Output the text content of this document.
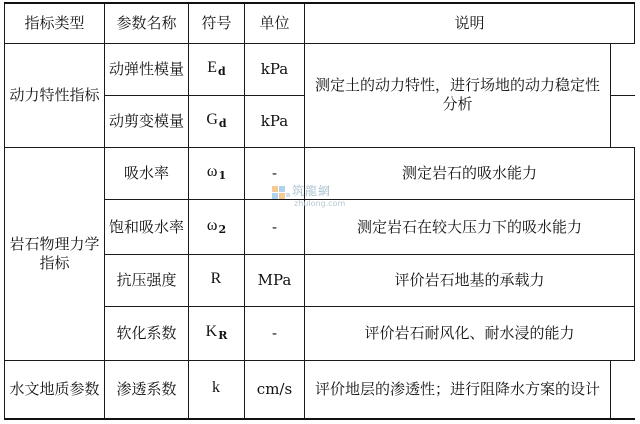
指标类型	参数名称	符号	单位	说明	
动力特性指标	动弹性模量	$E_d$	kPa	测定土的动力特性，进行场地的动力稳定性分析	
	动剪变模量	$G_d$	kPa		
岩石物理力学指标	吸水率	$\omega_1$	-	测定岩石的吸水能力	
	饱和吸水率	$\omega_2$	-	测定岩石在较大压力下的吸水能力	
	抗压强度	R	MPa	评价岩石地基的承载力	
	软化系数	$K_R$	-	评价岩石耐风化、耐水浸的能力	
水文地质参数	渗透系数	k	cm/s	评价地层的渗透性；进行阻降水方案的设计	
筑龍網
zhulong.com
